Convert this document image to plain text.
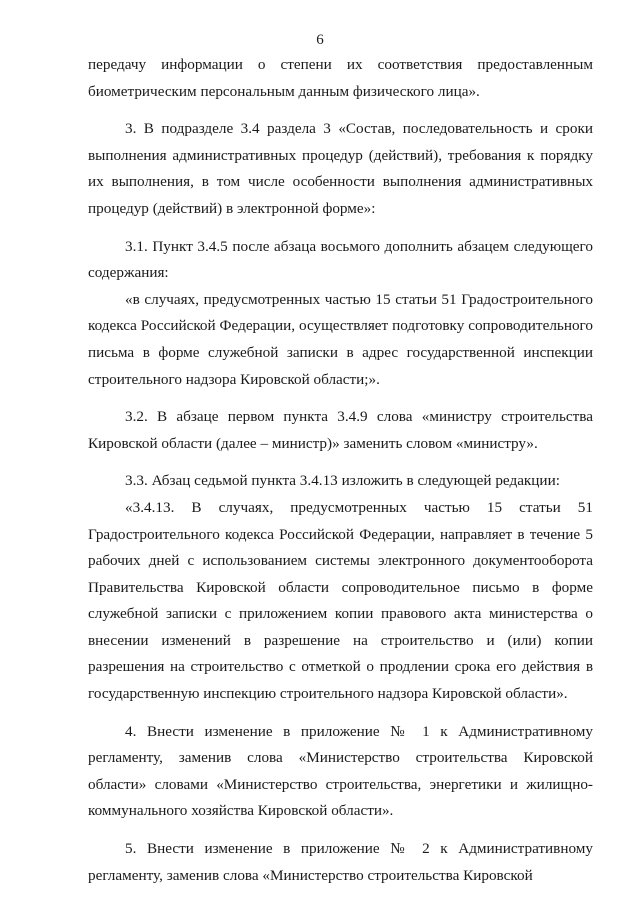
6

передачу информации о степени их соответствия предоставленным биометрическим персональным данным физического лица».

3. В подразделе 3.4 раздела 3 «Состав, последовательность и сроки выполнения административных процедур (действий), требования к порядку их выполнения, в том числе особенности выполнения административных процедур (действий) в электронной форме»:

3.1. Пункт 3.4.5 после абзаца восьмого дополнить абзацем следующего содержания:

«в случаях, предусмотренных частью 15 статьи 51 Градостроительного кодекса Российской Федерации, осуществляет подготовку сопроводительного письма в форме служебной записки в адрес государственной инспекции строительного надзора Кировской области;».

3.2. В абзаце первом пункта 3.4.9 слова «министру строительства Кировской области (далее – министр)» заменить словом «министру».

3.3. Абзац седьмой пункта 3.4.13 изложить в следующей редакции:

«3.4.13. В случаях, предусмотренных частью 15 статьи 51 Градостроительного кодекса Российской Федерации, направляет в течение 5 рабочих дней с использованием системы электронного документооборота Правительства Кировской области сопроводительное письмо в форме служебной записки с приложением копии правового акта министерства о внесении изменений в разрешение на строительство и (или) копии разрешения на строительство с отметкой о продлении срока его действия в государственную инспекцию строительного надзора Кировской области».

4. Внести изменение в приложение № 1 к Административному регламенту, заменив слова «Министерство строительства Кировской области» словами «Министерство строительства, энергетики и жилищно-коммунального хозяйства Кировской области».

5. Внести изменение в приложение № 2 к Административному регламенту, заменив слова «Министерство строительства Кировской
